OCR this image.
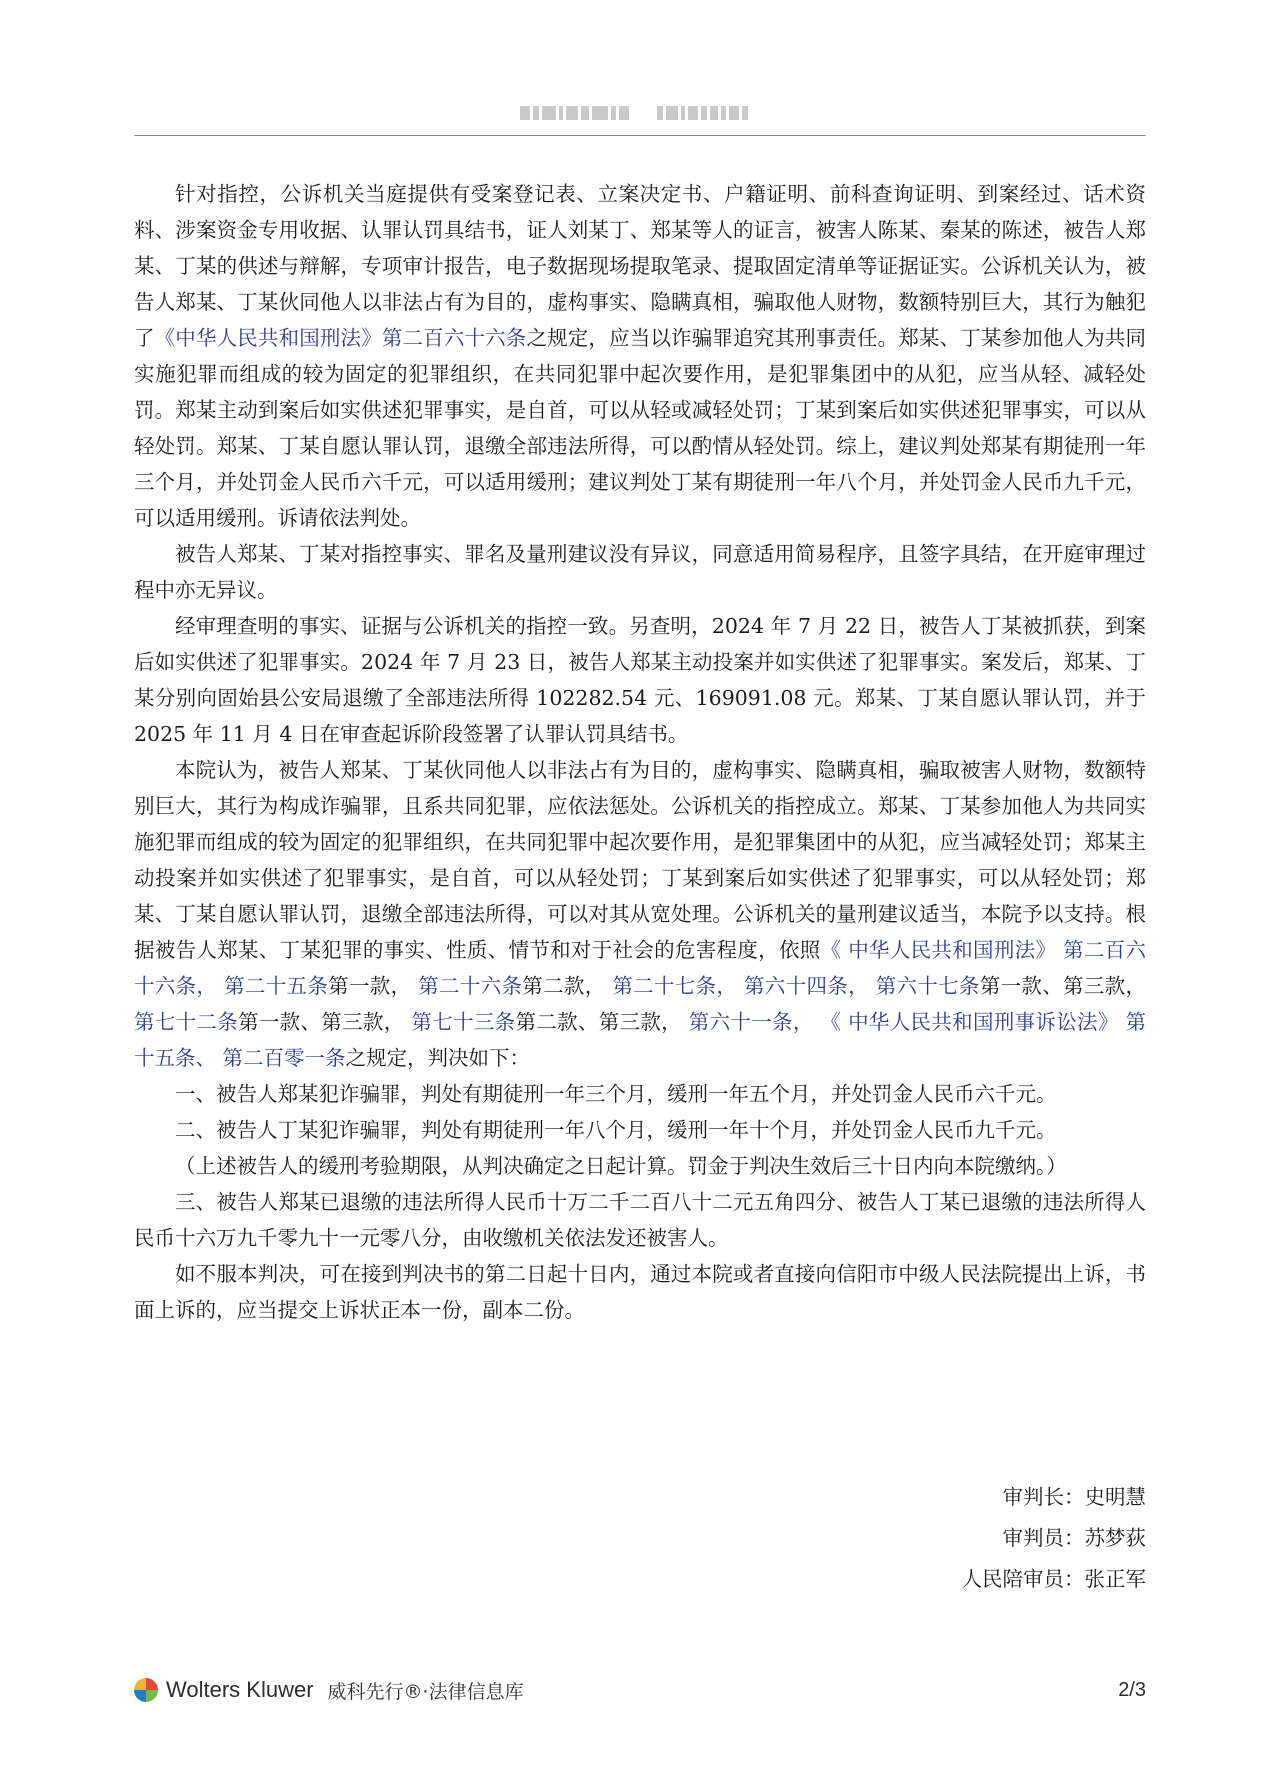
针对指控，公诉机关当庭提供有受案登记表、立案决定书、户籍证明、前科查询证明、到案经过、话术资料、涉案资金专用收据、认罪认罚具结书，证人刘某丁、郑某等人的证言，被害人陈某、秦某的陈述，被告人郑某、丁某的供述与辩解，专项审计报告，电子数据现场提取笔录、提取固定清单等证据证实。公诉机关认为，被告人郑某、丁某伙同他人以非法占有为目的，虚构事实、隐瞒真相，骗取他人财物，数额特别巨大，其行为触犯了《中华人民共和国刑法》第二百六十六条之规定，应当以诈骗罪追究其刑事责任。郑某、丁某参加他人为共同实施犯罪而组成的较为固定的犯罪组织，在共同犯罪中起次要作用，是犯罪集团中的从犯，应当从轻、减轻处罚。郑某主动到案后如实供述犯罪事实，是自首，可以从轻或减轻处罚；丁某到案后如实供述犯罪事实，可以从轻处罚。郑某、丁某自愿认罪认罚，退缴全部违法所得，可以酌情从轻处罚。综上，建议判处郑某有期徒刑一年三个月，并处罚金人民币六千元，可以适用缓刑；建议判处丁某有期徒刑一年八个月，并处罚金人民币九千元，可以适用缓刑。诉请依法判处。

被告人郑某、丁某对指控事实、罪名及量刑建议没有异议，同意适用简易程序，且签字具结，在开庭审理过程中亦无异议。

经审理查明的事实、证据与公诉机关的指控一致。另查明，2024 年 7 月 22 日，被告人丁某被抓获，到案后如实供述了犯罪事实。2024 年 7 月 23 日，被告人郑某主动投案并如实供述了犯罪事实。案发后，郑某、丁某分别向固始县公安局退缴了全部违法所得 102282.54 元、169091.08 元。郑某、丁某自愿认罪认罚，并于 2025 年 11 月 4 日在审查起诉阶段签署了认罪认罚具结书。

本院认为，被告人郑某、丁某伙同他人以非法占有为目的，虚构事实、隐瞒真相，骗取被害人财物，数额特别巨大，其行为构成诈骗罪，且系共同犯罪，应依法惩处。公诉机关的指控成立。郑某、丁某参加他人为共同实施犯罪而组成的较为固定的犯罪组织，在共同犯罪中起次要作用，是犯罪集团中的从犯，应当减轻处罚；郑某主动投案并如实供述了犯罪事实，是自首，可以从轻处罚；丁某到案后如实供述了犯罪事实，可以从轻处罚；郑某、丁某自愿认罪认罚，退缴全部违法所得，可以对其从宽处理。公诉机关的量刑建议适当，本院予以支持。根据被告人郑某、丁某犯罪的事实、性质、情节和对于社会的危害程度，依照《 中华人民共和国刑法》 第二百六十六条， 第二十五条第一款， 第二十六条第二款， 第二十七条， 第六十四条， 第六十七条第一款、第三款， 第七十二条第一款、第三款， 第七十三条第二款、第三款， 第六十一条， 《 中华人民共和国刑事诉讼法》 第十五条、 第二百零一条之规定，判决如下：

一、被告人郑某犯诈骗罪，判处有期徒刑一年三个月，缓刑一年五个月，并处罚金人民币六千元。

二、被告人丁某犯诈骗罪，判处有期徒刑一年八个月，缓刑一年十个月，并处罚金人民币九千元。

（上述被告人的缓刑考验期限，从判决确定之日起计算。罚金于判决生效后三十日内向本院缴纳。）

三、被告人郑某已退缴的违法所得人民币十万二千二百八十二元五角四分、被告人丁某已退缴的违法所得人民币十六万九千零九十一元零八分，由收缴机关依法发还被害人。

如不服本判决，可在接到判决书的第二日起十日内，通过本院或者直接向信阳市中级人民法院提出上诉，书面上诉的，应当提交上诉状正本一份，副本二份。

审判长：史明慧
审判员：苏梦荻
人民陪审员：张正军
Wolters Kluwer 威科先行®·法律信息库	2/3
